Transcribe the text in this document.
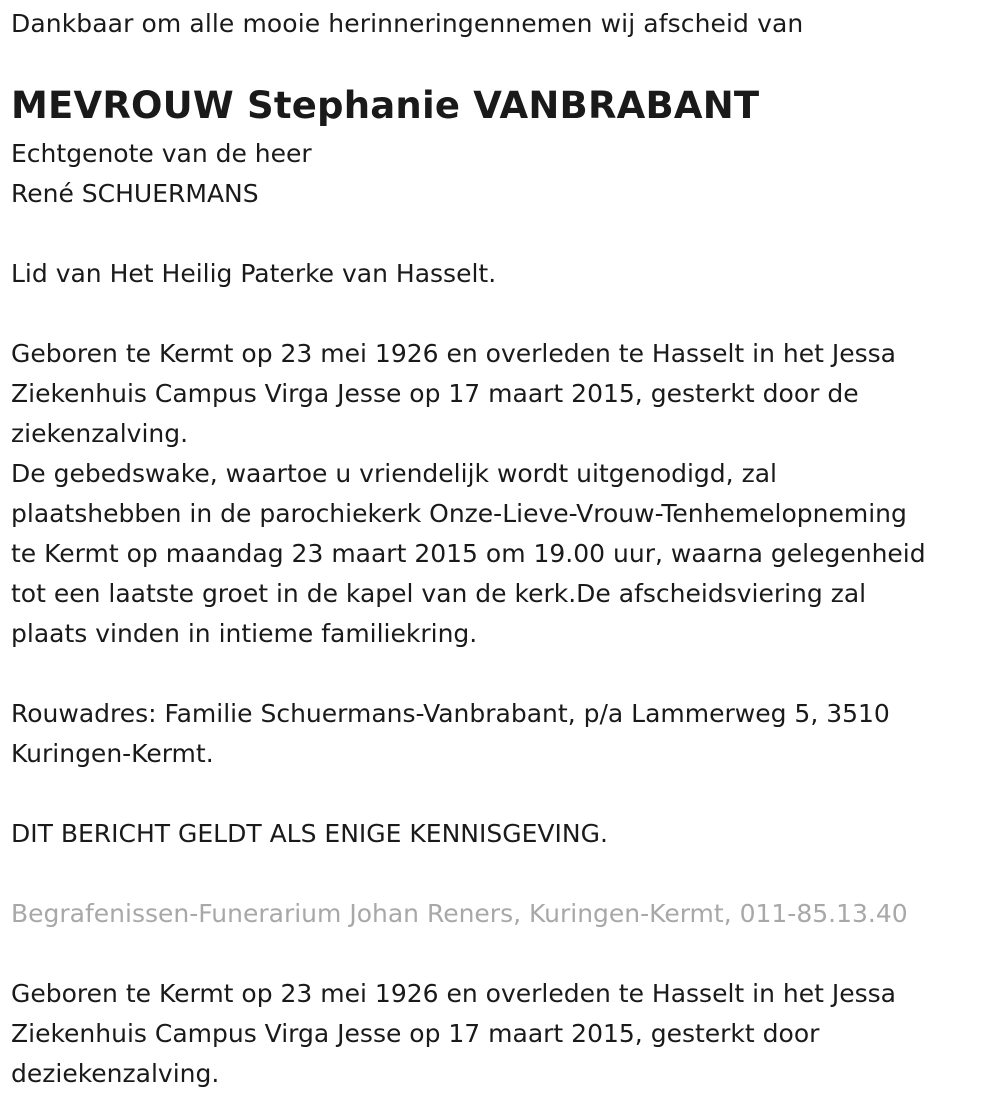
Dankbaar om alle mooie herinneringennemen wij afscheid van
MEVROUW Stephanie VANBRABANT

Echtgenote van de heer

René SCHUERMANS

Lid van Het Heilig Paterke van Hasselt.

Geboren te Kermt op 23 mei 1926 en overleden te Hasselt in het Jessa

Ziekenhuis Campus Virga Jesse op 17 maart 2015, gesterkt door de

ziekenzalving.

De gebedswake, waartoe u vriendelijk wordt uitgenodigd, zal

plaatshebben in de parochiekerk Onze-Lieve-Vrouw-Tenhemelopneming

te Kermt op maandag 23 maart 2015 om 19.00 uur, waarna gelegenheid

tot een laatste groet in de kapel van de kerk.De afscheidsviering zal

plaats vinden in intieme familiekring.

Rouwadres: Familie Schuermans-Vanbrabant, p/a Lammerweg 5, 3510

Kuringen-Kermt.

DIT BERICHT GELDT ALS ENIGE KENNISGEVING.

Begrafenissen-Funerarium Johan Reners, Kuringen-Kermt, 011-85.13.40

Geboren te Kermt op 23 mei 1926 en overleden te Hasselt in het Jessa

Ziekenhuis Campus Virga Jesse op 17 maart 2015, gesterkt door

deziekenzalving.
